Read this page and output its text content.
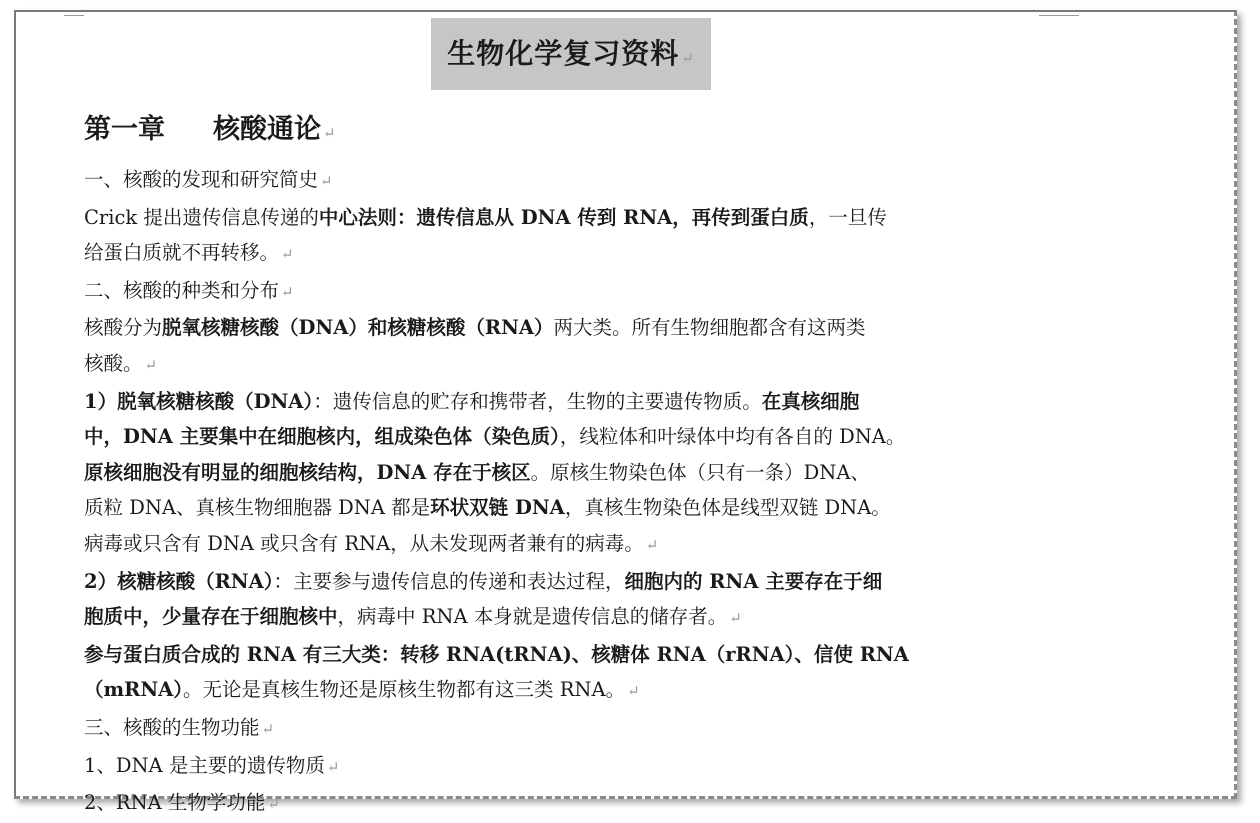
生物化学复习资料 ↵
第一章 核酸通论 ↵

一、核酸的发现和研究简史 ↵

Crick 提出遗传信息传递的中心法则：遗传信息从 DNA 传到 RNA，再传到蛋白质，一旦传

给蛋白质就不再转移。 ↵

二、核酸的种类和分布 ↵

核酸分为脱氧核糖核酸（DNA）和核糖核酸（RNA）两大类。所有生物细胞都含有这两类

核酸。 ↵

1）脱氧核糖核酸（DNA）：遗传信息的贮存和携带者，生物的主要遗传物质。在真核细胞

中，DNA 主要集中在细胞核内，组成染色体（染色质），线粒体和叶绿体中均有各自的 DNA。

原核细胞没有明显的细胞核结构，DNA 存在于核区。原核生物染色体（只有一条）DNA、

质粒 DNA、真核生物细胞器 DNA 都是环状双链 DNA，真核生物染色体是线型双链 DNA。

病毒或只含有 DNA 或只含有 RNA，从未发现两者兼有的病毒。 ↵

2）核糖核酸（RNA）：主要参与遗传信息的传递和表达过程，细胞内的 RNA 主要存在于细

胞质中，少量存在于细胞核中，病毒中 RNA 本身就是遗传信息的储存者。 ↵

参与蛋白质合成的 RNA 有三大类：转移 RNA(tRNA)、核糖体 RNA（rRNA）、信使 RNA

（mRNA）。无论是真核生物还是原核生物都有这三类 RNA。 ↵

三、核酸的生物功能 ↵

1、DNA 是主要的遗传物质 ↵

2、RNA 生物学功能 ↵
